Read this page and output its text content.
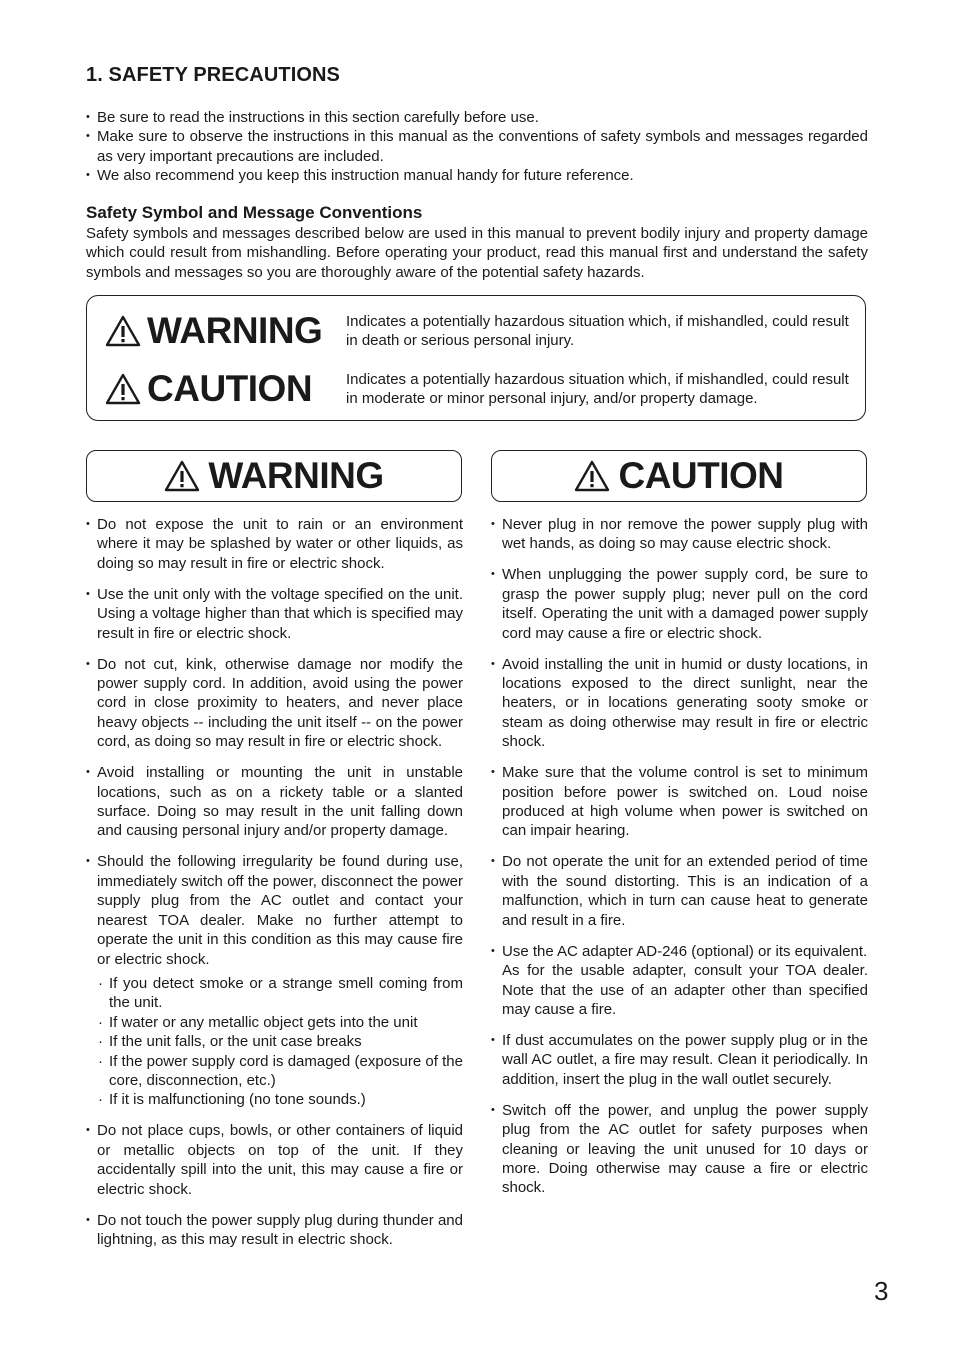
1. SAFETY PRECAUTIONS
• Be sure to read the instructions in this section carefully before use.
• Make sure to observe the instructions in this manual as the conventions of safety symbols and messages regarded as very important precautions are included.
• We also recommend you keep this instruction manual handy for future reference.
Safety Symbol and Message Conventions

Safety symbols and messages described below are used in this manual to prevent bodily injury and property damage which could result from mishandling. Before operating your product, read this manual first and understand the safety symbols and messages so you are thoroughly aware of the potential safety hazards.

WARNING Indicates a potentially hazardous situation which, if mishandled, could result in death or serious personal injury.
CAUTION Indicates a potentially hazardous situation which, if mishandled, could result in moderate or minor personal injury, and/or property damage.
WARNING	CAUTION
• Do not expose the unit to rain or an environment where it may be splashed by water or other liquids, as doing so may result in fire or electric shock.
• Use the unit only with the voltage specified on the unit. Using a voltage higher than that which is specified may result in fire or electric shock.
• Do not cut, kink, otherwise damage nor modify the power supply cord. In addition, avoid using the power cord in close proximity to heaters, and never place heavy objects -- including the unit itself -- on the power cord, as doing so may result in fire or electric shock.
• Avoid installing or mounting the unit in unstable locations, such as on a rickety table or a slanted surface. Doing so may result in the unit falling down and causing personal injury and/or property damage.
• Should the following irregularity be found during use, immediately switch off the power, disconnect the power supply plug from the AC outlet and contact your nearest TOA dealer. Make no further attempt to operate the unit in this condition as this may cause fire or electric shock.
· If you detect smoke or a strange smell coming from the unit.
· If water or any metallic object gets into the unit
· If the unit falls, or the unit case breaks
· If the power supply cord is damaged (exposure of the core, disconnection, etc.)
· If it is malfunctioning (no tone sounds.)
• Do not place cups, bowls, or other containers of liquid or metallic objects on top of the unit. If they accidentally spill into the unit, this may cause a fire or electric shock.
• Do not touch the power supply plug during thunder and lightning, as this may result in electric shock.
• Never plug in nor remove the power supply plug with wet hands, as doing so may cause electric shock.
• When unplugging the power supply cord, be sure to grasp the power supply plug; never pull on the cord itself. Operating the unit with a damaged power supply cord may cause a fire or electric shock.
• Avoid installing the unit in humid or dusty locations, in locations exposed to the direct sunlight, near the heaters, or in locations generating sooty smoke or steam as doing otherwise may result in fire or electric shock.
• Make sure that the volume control is set to minimum position before power is switched on. Loud noise produced at high volume when power is switched on can impair hearing.
• Do not operate the unit for an extended period of time with the sound distorting. This is an indication of a malfunction, which in turn can cause heat to generate and result in a fire.
• Use the AC adapter AD-246 (optional) or its equivalent.
As for the usable adapter, consult your TOA dealer. Note that the use of an adapter other than specified may cause a fire.
• If dust accumulates on the power supply plug or in the wall AC outlet, a fire may result. Clean it periodically. In addition, insert the plug in the wall outlet securely.
• Switch off the power, and unplug the power supply plug from the AC outlet for safety purposes when cleaning or leaving the unit unused for 10 days or more. Doing otherwise may cause a fire or electric shock.
3
